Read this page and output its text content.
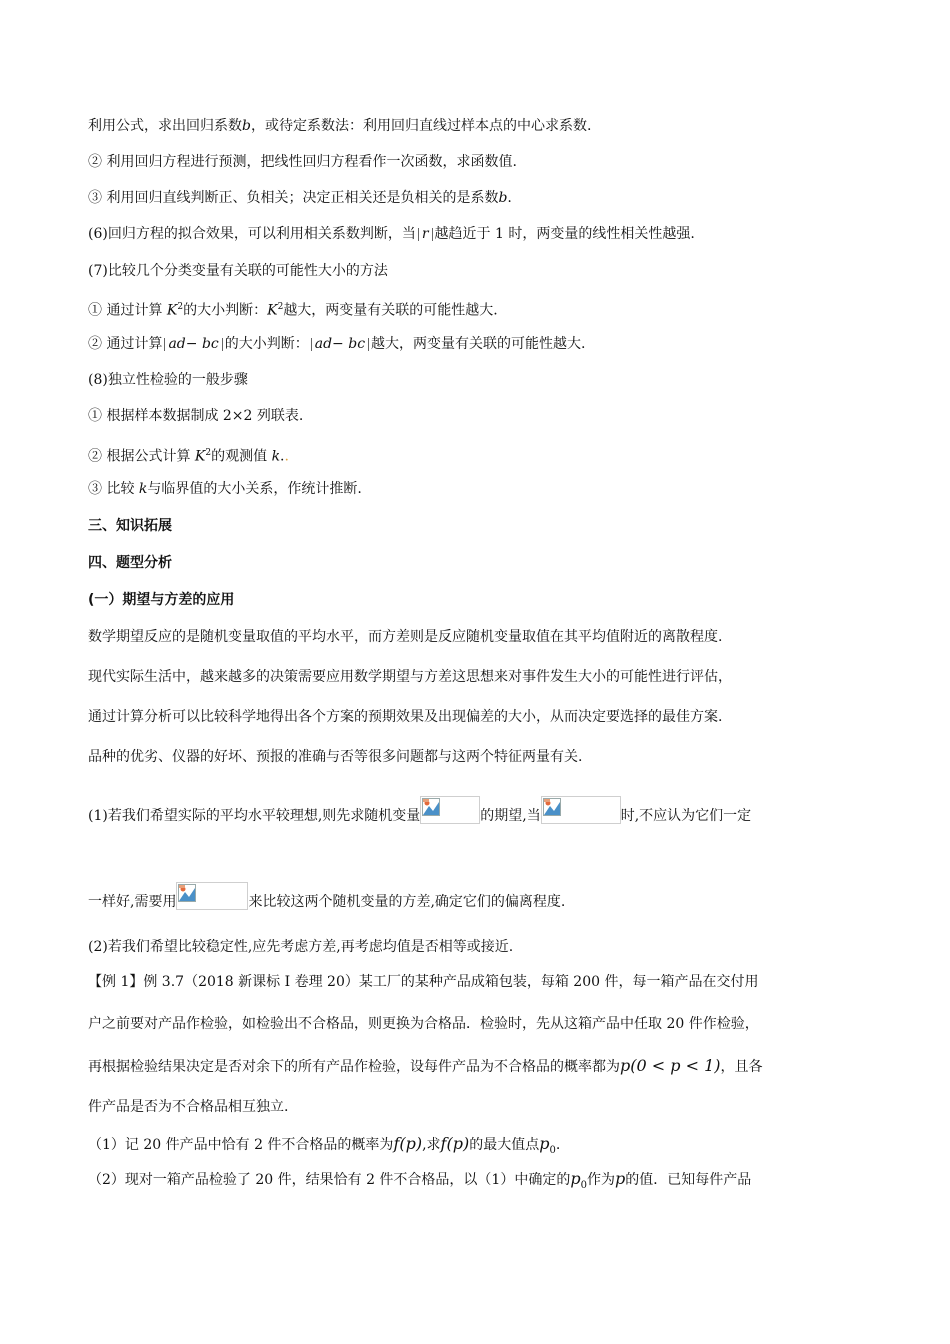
利用公式，求出回归系数b，或待定系数法：利用回归直线过样本点的中心求系数.
② 利用回归方程进行预测，把线性回归方程看作一次函数，求函数值.
③ 利用回归直线判断正、负相关；决定正相关还是负相关的是系数b.
(6)回归方程的拟合效果，可以利用相关系数判断，当 r 越趋近于 1 时，两变量的线性相关性越强.
(7)比较几个分类变量有关联的可能性大小的方法
① 通过计算 $K^2$的大小判断：$K^2$越大，两变量有关联的可能性越大.
② 通过计算 ad− bc 的大小判断： ad− bc 越大，两变量有关联的可能性越大.
(8)独立性检验的一般步骤
① 根据样本数据制成 2×2 列联表.
② 根据公式计算 $K^2$的观测值 k..
③ 比较 k与临界值的大小关系，作统计推断.
三、知识拓展
四、题型分析
(一）期望与方差的应用
数学期望反应的是随机变量取值的平均水平，而方差则是反应随机变量取值在其平均值附近的离散程度.
现代实际生活中，越来越多的决策需要应用数学期望与方差这思想来对事件发生大小的可能性进行评估，
通过计算分析可以比较科学地得出各个方案的预期效果及出现偏差的大小，从而决定要选择的最佳方案.
品种的优劣、仪器的好坏、预报的准确与否等很多问题都与这两个特征两量有关.
(1)若我们希望实际的平均水平较理想,则先求随机变量	的期望,当	时,不应认为它们一定
一样好,需要用	来比较这两个随机变量的方差,确定它们的偏离程度.
(2)若我们希望比较稳定性,应先考虑方差,再考虑均值是否相等或接近.
【例 1】例 3.7（2018 新课标 I 卷理 20）某工厂的某种产品成箱包装，每箱 200 件，每一箱产品在交付用
户之前要对产品作检验，如检验出不合格品，则更换为合格品．检验时，先从这箱产品中任取 20 件作检验，
再根据检验结果决定是否对余下的所有产品作检验，设每件产品为不合格品的概率都为p(0 < p < 1)，且各
件产品是否为不合格品相互独立.
（1）记 20 件产品中恰有 2 件不合格品的概率为f(p),求f(p)的最大值点$p_0$.
（2）现对一箱产品检验了 20 件，结果恰有 2 件不合格品，以（1）中确定的$p_0$作为p的值．已知每件产品
